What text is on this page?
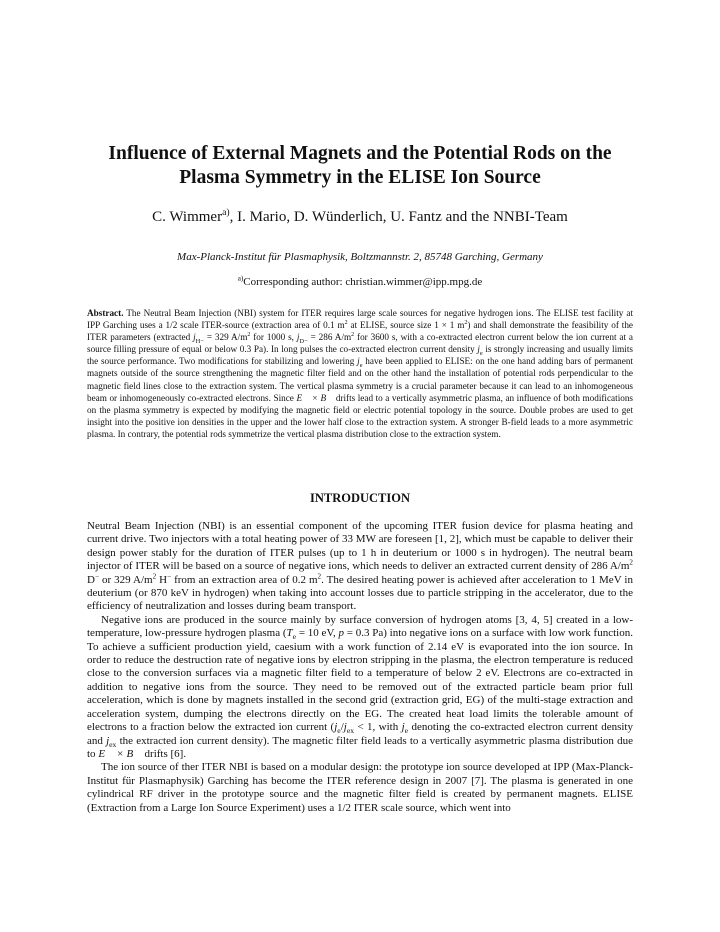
Influence of External Magnets and the Potential Rods on the
Plasma Symmetry in the ELISE Ion Source
C. Wimmer$^{a)}$, I. Mario, D. Wünderlich, U. Fantz and the NNBI-Team
Max-Planck-Institut für Plasmaphysik, Boltzmannstr. 2, 85748 Garching, Germany
$^{a)}$Corresponding author: christian.wimmer@ipp.mpg.de

Abstract. The Neutral Beam Injection (NBI) system for ITER requires large scale sources for negative hydrogen ions. The ELISE test facility at IPP Garching uses a 1/2 scale ITER-source (extraction area of 0.1 $m^2$ at ELISE, source size 1 × 1 $m^2$) and shall demonstrate the feasibility of the ITER parameters (extracted $j_{H-} = 329$ $A/m^2$ for 1000 s, $j_{D-} = 286$ $A/m^2$ for 3600 s, with a co-extracted electron current below the ion current at a source filling pressure of equal or below 0.3 Pa). In long pulses the co-extracted electron current density $j_e$ is strongly increasing and usually limits the source performance. Two modifications for stabilizing and lowering $j_e$ have been applied to ELISE: on the one hand adding bars of permanent magnets outside of the source strengthening the magnetic filter field and on the other hand the installation of potential rods perpendicular to the magnetic field lines close to the extraction system. The vertical plasma symmetry is a crucial parameter because it can lead to an inhomogeneous beam or inhomogeneously co-extracted electrons. Since E⃗ × B⃗ drifts lead to a vertically asymmetric plasma, an influence of both modifications on the plasma symmetry is expected by modifying the magnetic field or electric potential topology in the source. Double probes are used to get insight into the positive ion densities in the upper and the lower half close to the extraction system. A stronger B-field leads to a more asymmetric plasma. In contrary, the potential rods symmetrize the vertical plasma distribution close to the extraction system.

INTRODUCTION

Neutral Beam Injection (NBI) is an essential component of the upcoming ITER fusion device for plasma heating and current drive. Two injectors with a total heating power of 33 MW are foreseen [1, 2], which must be capable to deliver their design power stably for the duration of ITER pulses (up to 1 h in deuterium or 1000 s in hydrogen). The neutral beam injector of ITER will be based on a source of negative ions, which needs to deliver an extracted current density of 286 $A/m^2$ D− or 329 $A/m^2$ H− from an extraction area of 0.2 $m^2$. The desired heating power is achieved after acceleration to 1 MeV in deuterium (or 870 keV in hydrogen) when taking into account losses due to particle stripping in the accelerator, due to the efficiency of neutralization and losses during beam transport.

Negative ions are produced in the source mainly by surface conversion of hydrogen atoms [3, 4, 5] created in a low-temperature, low-pressure hydrogen plasma ($T_e = 10$ eV, p = 0.3 Pa) into negative ions on a surface with low work function. To achieve a sufficient production yield, caesium with a work function of 2.14 eV is evaporated into the ion source. In order to reduce the destruction rate of negative ions by electron stripping in the plasma, the electron temperature is reduced close to the conversion surfaces via a magnetic filter field to a temperature of below 2 eV. Electrons are co-extracted in addition to negative ions from the source. They need to be removed out of the extracted particle beam prior full acceleration, which is done by magnets installed in the second grid (extraction grid, EG) of the multi-stage extraction and acceleration system, dumping the electrons directly on the EG. The created heat load limits the tolerable amount of electrons to a fraction below the extracted ion current ($j_e/j_{ex} < 1$, with $j_e$ denoting the co-extracted electron current density and $j_{ex}$ the extracted ion current density). The magnetic filter field leads to a vertically asymmetric plasma distribution due to E⃗ × B⃗ drifts [6].

The ion source of ther ITER NBI is based on a modular design: the prototype ion source developed at IPP (Max-Planck-Institut für Plasmaphysik) Garching has become the ITER reference design in 2007 [7]. The plasma is generated in one cylindrical RF driver in the prototype source and the magnetic filter field is created by permanent magnets. ELISE (Extraction from a Large Ion Source Experiment) uses a 1/2 ITER scale source, which went into
